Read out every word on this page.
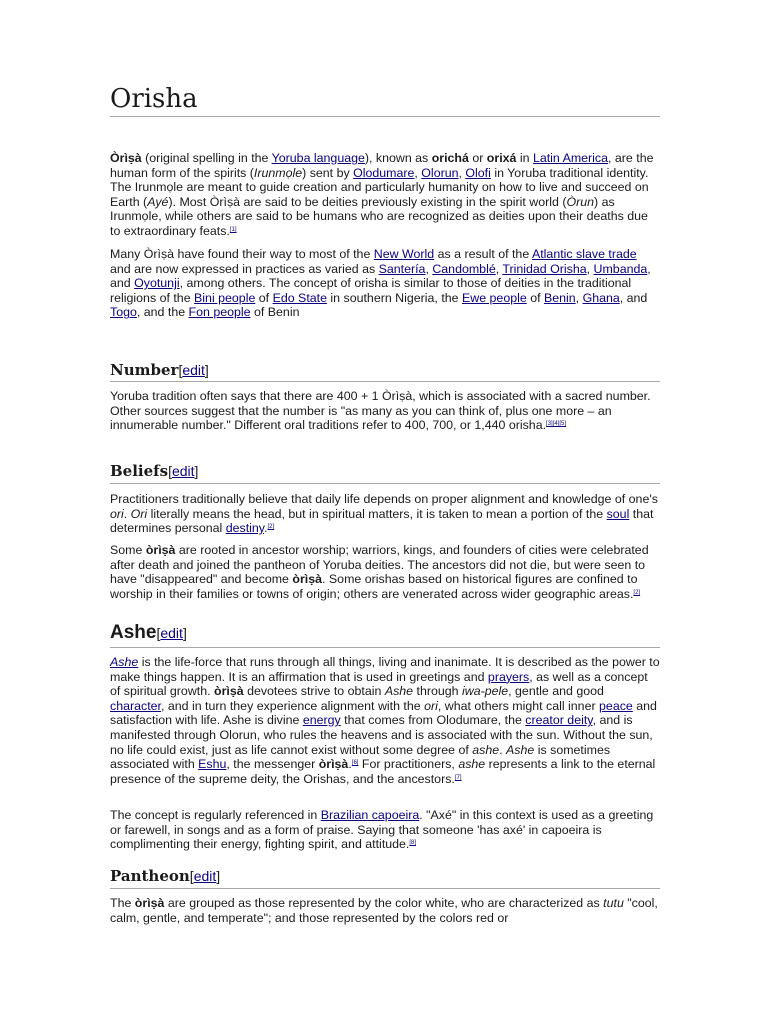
Orisha

Òrìṣà (original spelling in the Yoruba language), known as orichá or orixá in Latin America, are the human form of the spirits (Irunmọle) sent by Olodumare, Olorun, Olofi in Yoruba traditional identity. The Irunmọle are meant to guide creation and particularly humanity on how to live and succeed on Earth (Ayé). Most Òrìṣà are said to be deities previously existing in the spirit world (Òrun) as Irunmọle, while others are said to be humans who are recognized as deities upon their deaths due to extraordinary feats.[1]

Many Òrìṣà have found their way to most of the New World as a result of the Atlantic slave trade and are now expressed in practices as varied as Santería, Candomblé, Trinidad Orisha, Umbanda, and Oyotunji, among others. The concept of orisha is similar to those of deities in the traditional religions of the Bini people of Edo State in southern Nigeria, the Ewe people of Benin, Ghana, and Togo, and the Fon people of Benin

Number[edit]

Yoruba tradition often says that there are 400 + 1 Òrìṣà, which is associated with a sacred number. Other sources suggest that the number is "as many as you can think of, plus one more – an innumerable number." Different oral traditions refer to 400, 700, or 1,440 orisha.[3][4][5]

Beliefs[edit]

Practitioners traditionally believe that daily life depends on proper alignment and knowledge of one's ori. Ori literally means the head, but in spiritual matters, it is taken to mean a portion of the soul that determines personal destiny.[2]

Some òrìṣà are rooted in ancestor worship; warriors, kings, and founders of cities were celebrated after death and joined the pantheon of Yoruba deities. The ancestors did not die, but were seen to have "disappeared" and become òrìṣà. Some orishas based on historical figures are confined to worship in their families or towns of origin; others are venerated across wider geographic areas.[2]

Ashe[edit]

Ashe is the life-force that runs through all things, living and inanimate. It is described as the power to make things happen. It is an affirmation that is used in greetings and prayers, as well as a concept of spiritual growth. òrìṣà devotees strive to obtain Ashe through iwa-pele, gentle and good character, and in turn they experience alignment with the ori, what others might call inner peace and satisfaction with life. Ashe is divine energy that comes from Olodumare, the creator deity, and is manifested through Olorun, who rules the heavens and is associated with the sun. Without the sun, no life could exist, just as life cannot exist without some degree of ashe. Ashe is sometimes associated with Eshu, the messenger òrìṣà.[6] For practitioners, ashe represents a link to the eternal presence of the supreme deity, the Orishas, and the ancestors.[7]

The concept is regularly referenced in Brazilian capoeira. "Axé" in this context is used as a greeting or farewell, in songs and as a form of praise. Saying that someone 'has axé' in capoeira is complimenting their energy, fighting spirit, and attitude.[8]

Pantheon[edit]

The òrìṣà are grouped as those represented by the color white, who are characterized as tutu "cool, calm, gentle, and temperate"; and those represented by the colors red or
